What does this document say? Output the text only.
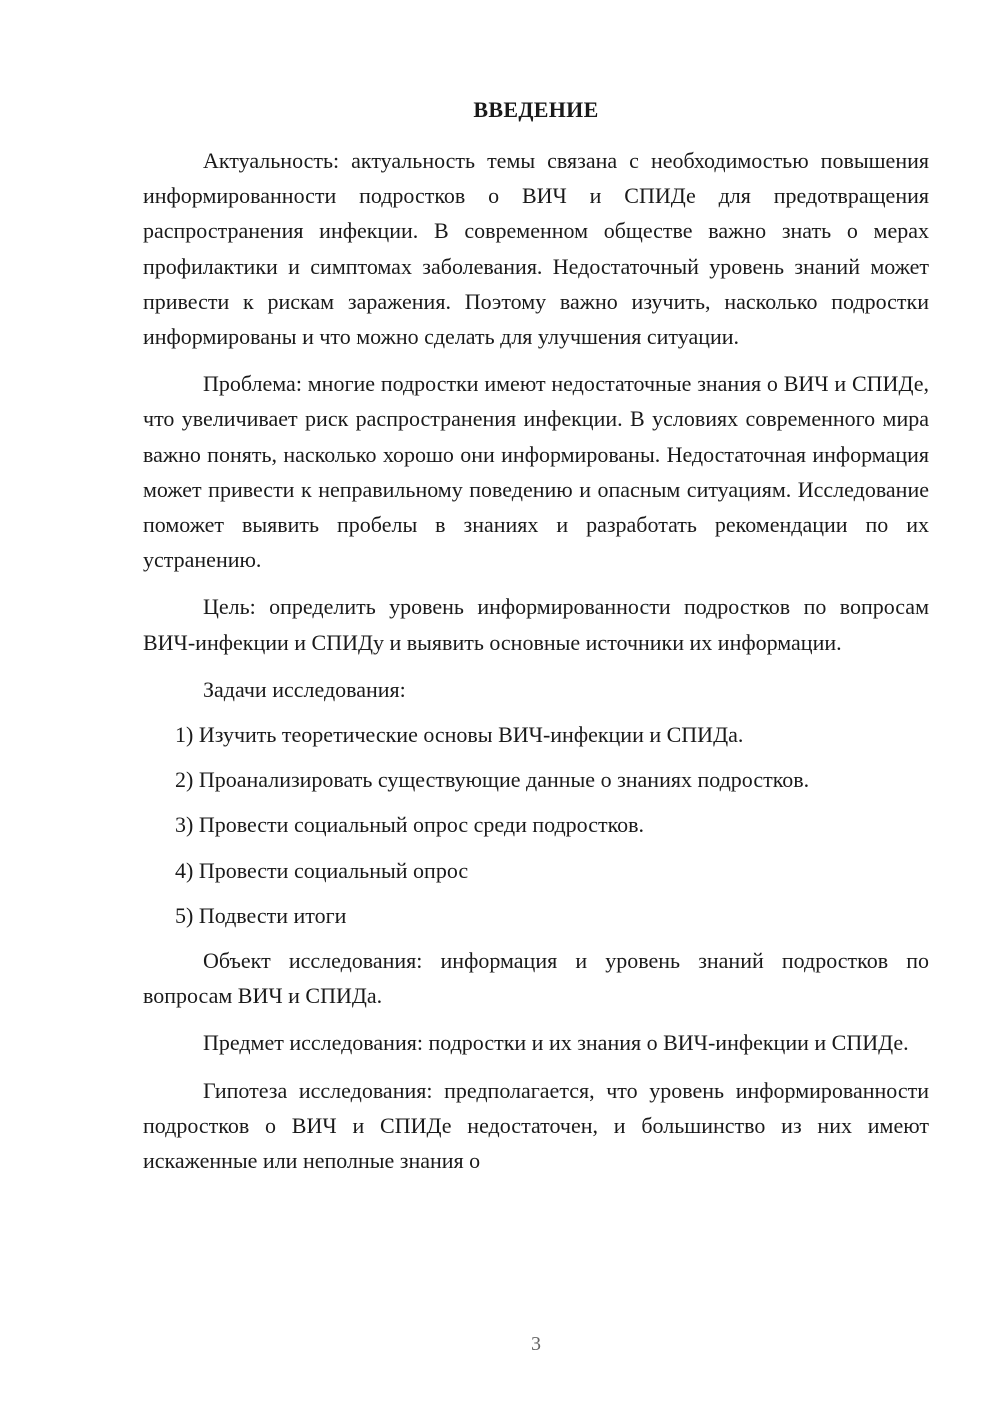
ВВЕДЕНИЕ

Актуальность: актуальность темы связана с необходимостью повышения информированности подростков о ВИЧ и СПИДе для предотвращения распространения инфекции. В современном обществе важно знать о мерах профилактики и симптомах заболевания. Недостаточный уровень знаний может привести к рискам заражения. Поэтому важно изучить, насколько подростки информированы и что можно сделать для улучшения ситуации.

Проблема: многие подростки имеют недостаточные знания о ВИЧ и СПИДе, что увеличивает риск распространения инфекции. В условиях современного мира важно понять, насколько хорошо они информированы. Недостаточная информация может привести к неправильному поведению и опасным ситуациям. Исследование поможет выявить пробелы в знаниях и разработать рекомендации по их устранению.

Цель: определить уровень информированности подростков по вопросам ВИЧ-инфекции и СПИДу и выявить основные источники их информации.

Задачи исследования:
1) Изучить теоретические основы ВИЧ-инфекции и СПИДа.
2) Проанализировать существующие данные о знаниях подростков.
3) Провести социальный опрос среди подростков.
4) Провести социальный опрос
5) Подвести итоги

Объект исследования: информация и уровень знаний подростков по вопросам ВИЧ и СПИДа.

Предмет исследования: подростки и их знания о ВИЧ-инфекции и СПИДе.

Гипотеза исследования: предполагается, что уровень информированности подростков о ВИЧ и СПИДе недостаточен, и большинство из них имеют искаженные или неполные знания о

3
